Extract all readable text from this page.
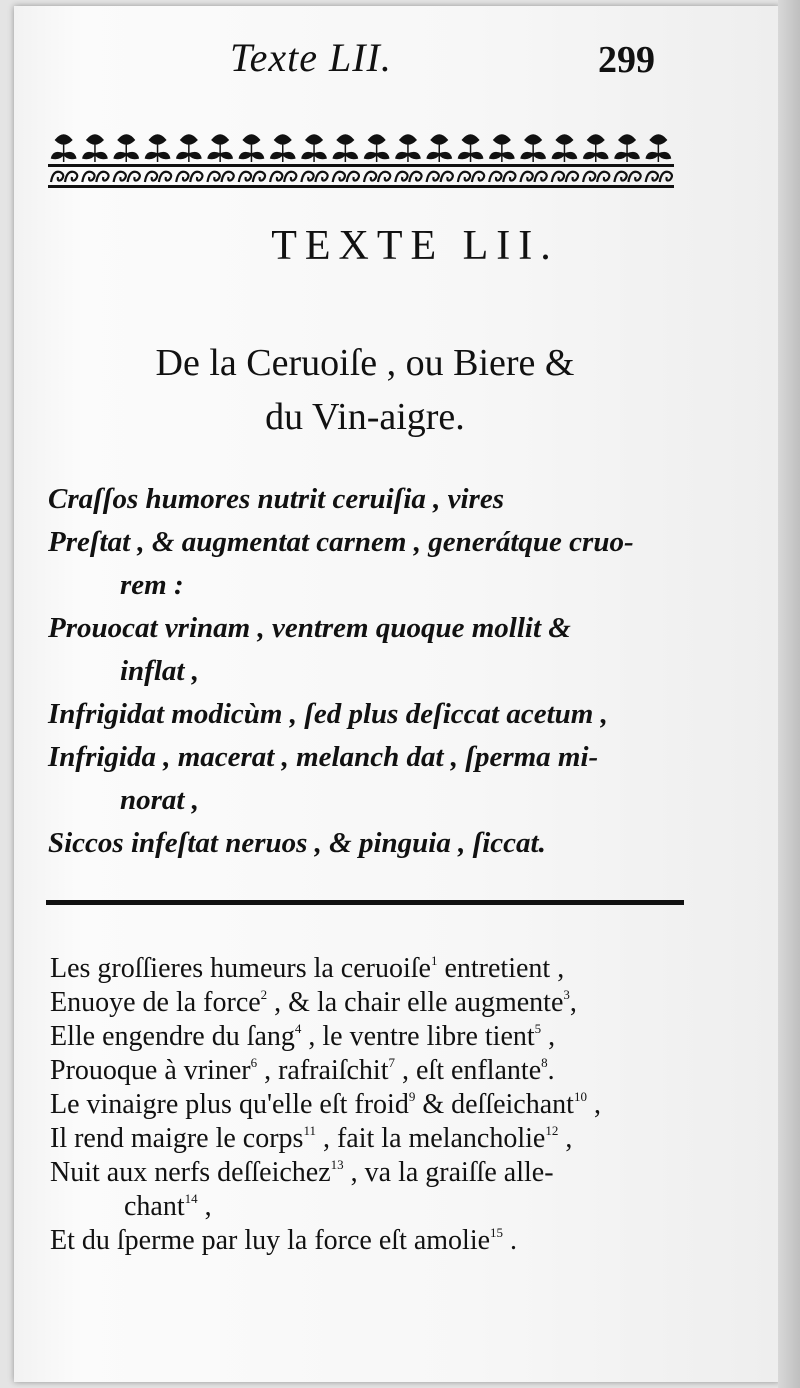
Texte LII.	299
TEXTE LII.
De la Ceruoiſe , ou Biere &
du Vin-aigre.
Craſſos humores nutrit ceruiſia , vires
Preſtat , & augmentat carnem , generátque cruo-
rem :
Prouocat vrinam , ventrem quoque mollit &
inflat ,
Infrigidat modicùm , ſed plus deſiccat acetum ,
Infrigida , macerat , melanch dat , ſperma mi-
norat ,
Siccos infeſtat neruos , & pinguia , ſiccat.
Les groſſieres humeurs la ceruoiſe$^1$ entretient ,
Enuoye de la force$^2$ , & la chair elle augmente$^3$,
Elle engendre du ſang$^4$ , le ventre libre tient$^5$ ,
Prouoque à vriner$^6$ , rafraiſchit$^7$ , eſt enflante$^8$.
Le vinaigre plus qu'elle eſt froid$^9$ & deſſeichant$^{10}$ ,
Il rend maigre le corps$^{11}$ , fait la melancholie$^{12}$ ,
Nuit aux nerfs deſſeichez$^{13}$ , va la graiſſe alle-
chant$^{14}$ ,
Et du ſperme par luy la force eſt amolie$^{15}$ .
